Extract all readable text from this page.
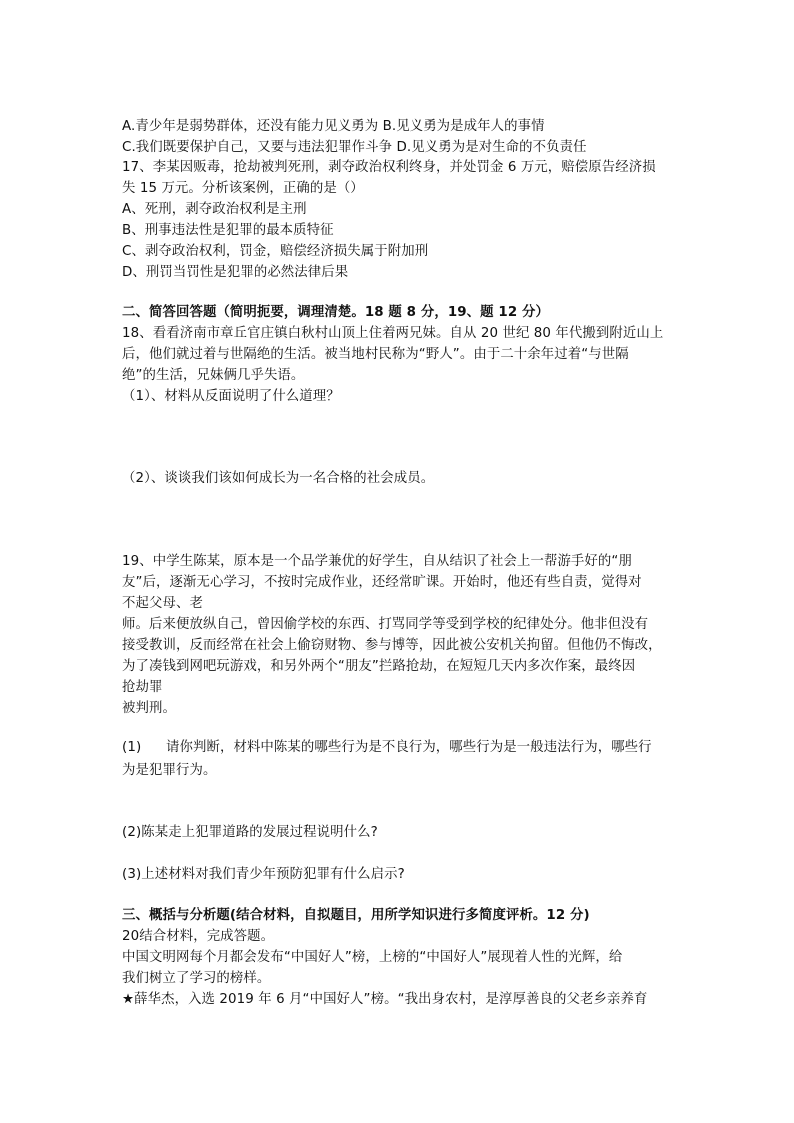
A.青少年是弱势群体，还没有能力见义勇为 B.见义勇为是成年人的事情
C.我们既要保护自己，又要与违法犯罪作斗争 D.见义勇为是对生命的不负责任
17、李某因贩毒，抢劫被判死刑，剥夺政治权利终身，并处罚金 6 万元，赔偿原告经济损
失 15 万元。分析该案例，正确的是（）
A、死刑，剥夺政治权利是主刑
B、刑事违法性是犯罪的最本质特征
C、剥夺政治权利，罚金，赔偿经济损失属于附加刑
D、刑罚当罚性是犯罪的必然法律后果
二、简答回答题（简明扼要，调理清楚。18 题 8 分，19、题 12 分）
18、看看济南市章丘官庄镇白秋村山顶上住着两兄妹。自从 20 世纪 80 年代搬到附近山上
后，他们就过着与世隔绝的生活。被当地村民称为“野人”。由于二十余年过着“与世隔
绝”的生活，兄妹俩几乎失语。
（1）、材料从反面说明了什么道理？
（2）、谈谈我们该如何成长为一名合格的社会成员。
19、中学生陈某，原本是一个品学兼优的好学生，自从结识了社会上一帮游手好的“朋
友”后，逐渐无心学习，不按时完成作业，还经常旷课。开始时，他还有些自责，觉得对
不起父母、老
师。后来便放纵自己，曾因偷学校的东西、打骂同学等受到学校的纪律处分。他非但没有
接受教训，反而经常在社会上偷窃财物、参与博等，因此被公安机关拘留。但他仍不悔改，
为了凑钱到网吧玩游戏，和另外两个“朋友”拦路抢劫，在短短几天内多次作案，最终因
抢劫罪
被判刑。
(1) 请你判断，材料中陈某的哪些行为是不良行为，哪些行为是一般违法行为，哪些行
为是犯罪行为。
(2)陈某走上犯罪道路的发展过程说明什么?
(3)上述材料对我们青少年预防犯罪有什么启示?
三、概括与分析题(结合材料，自拟题目，用所学知识进行多简度评析。12 分)
20结合材料，完成答题。
中国文明网每个月都会发布“中国好人”榜，上榜的“中国好人”展现着人性的光辉，给
我们树立了学习的榜样。
★薛华杰，入选 2019 年 6 月“中国好人”榜。“我出身农村，是淳厚善良的父老乡亲养育
